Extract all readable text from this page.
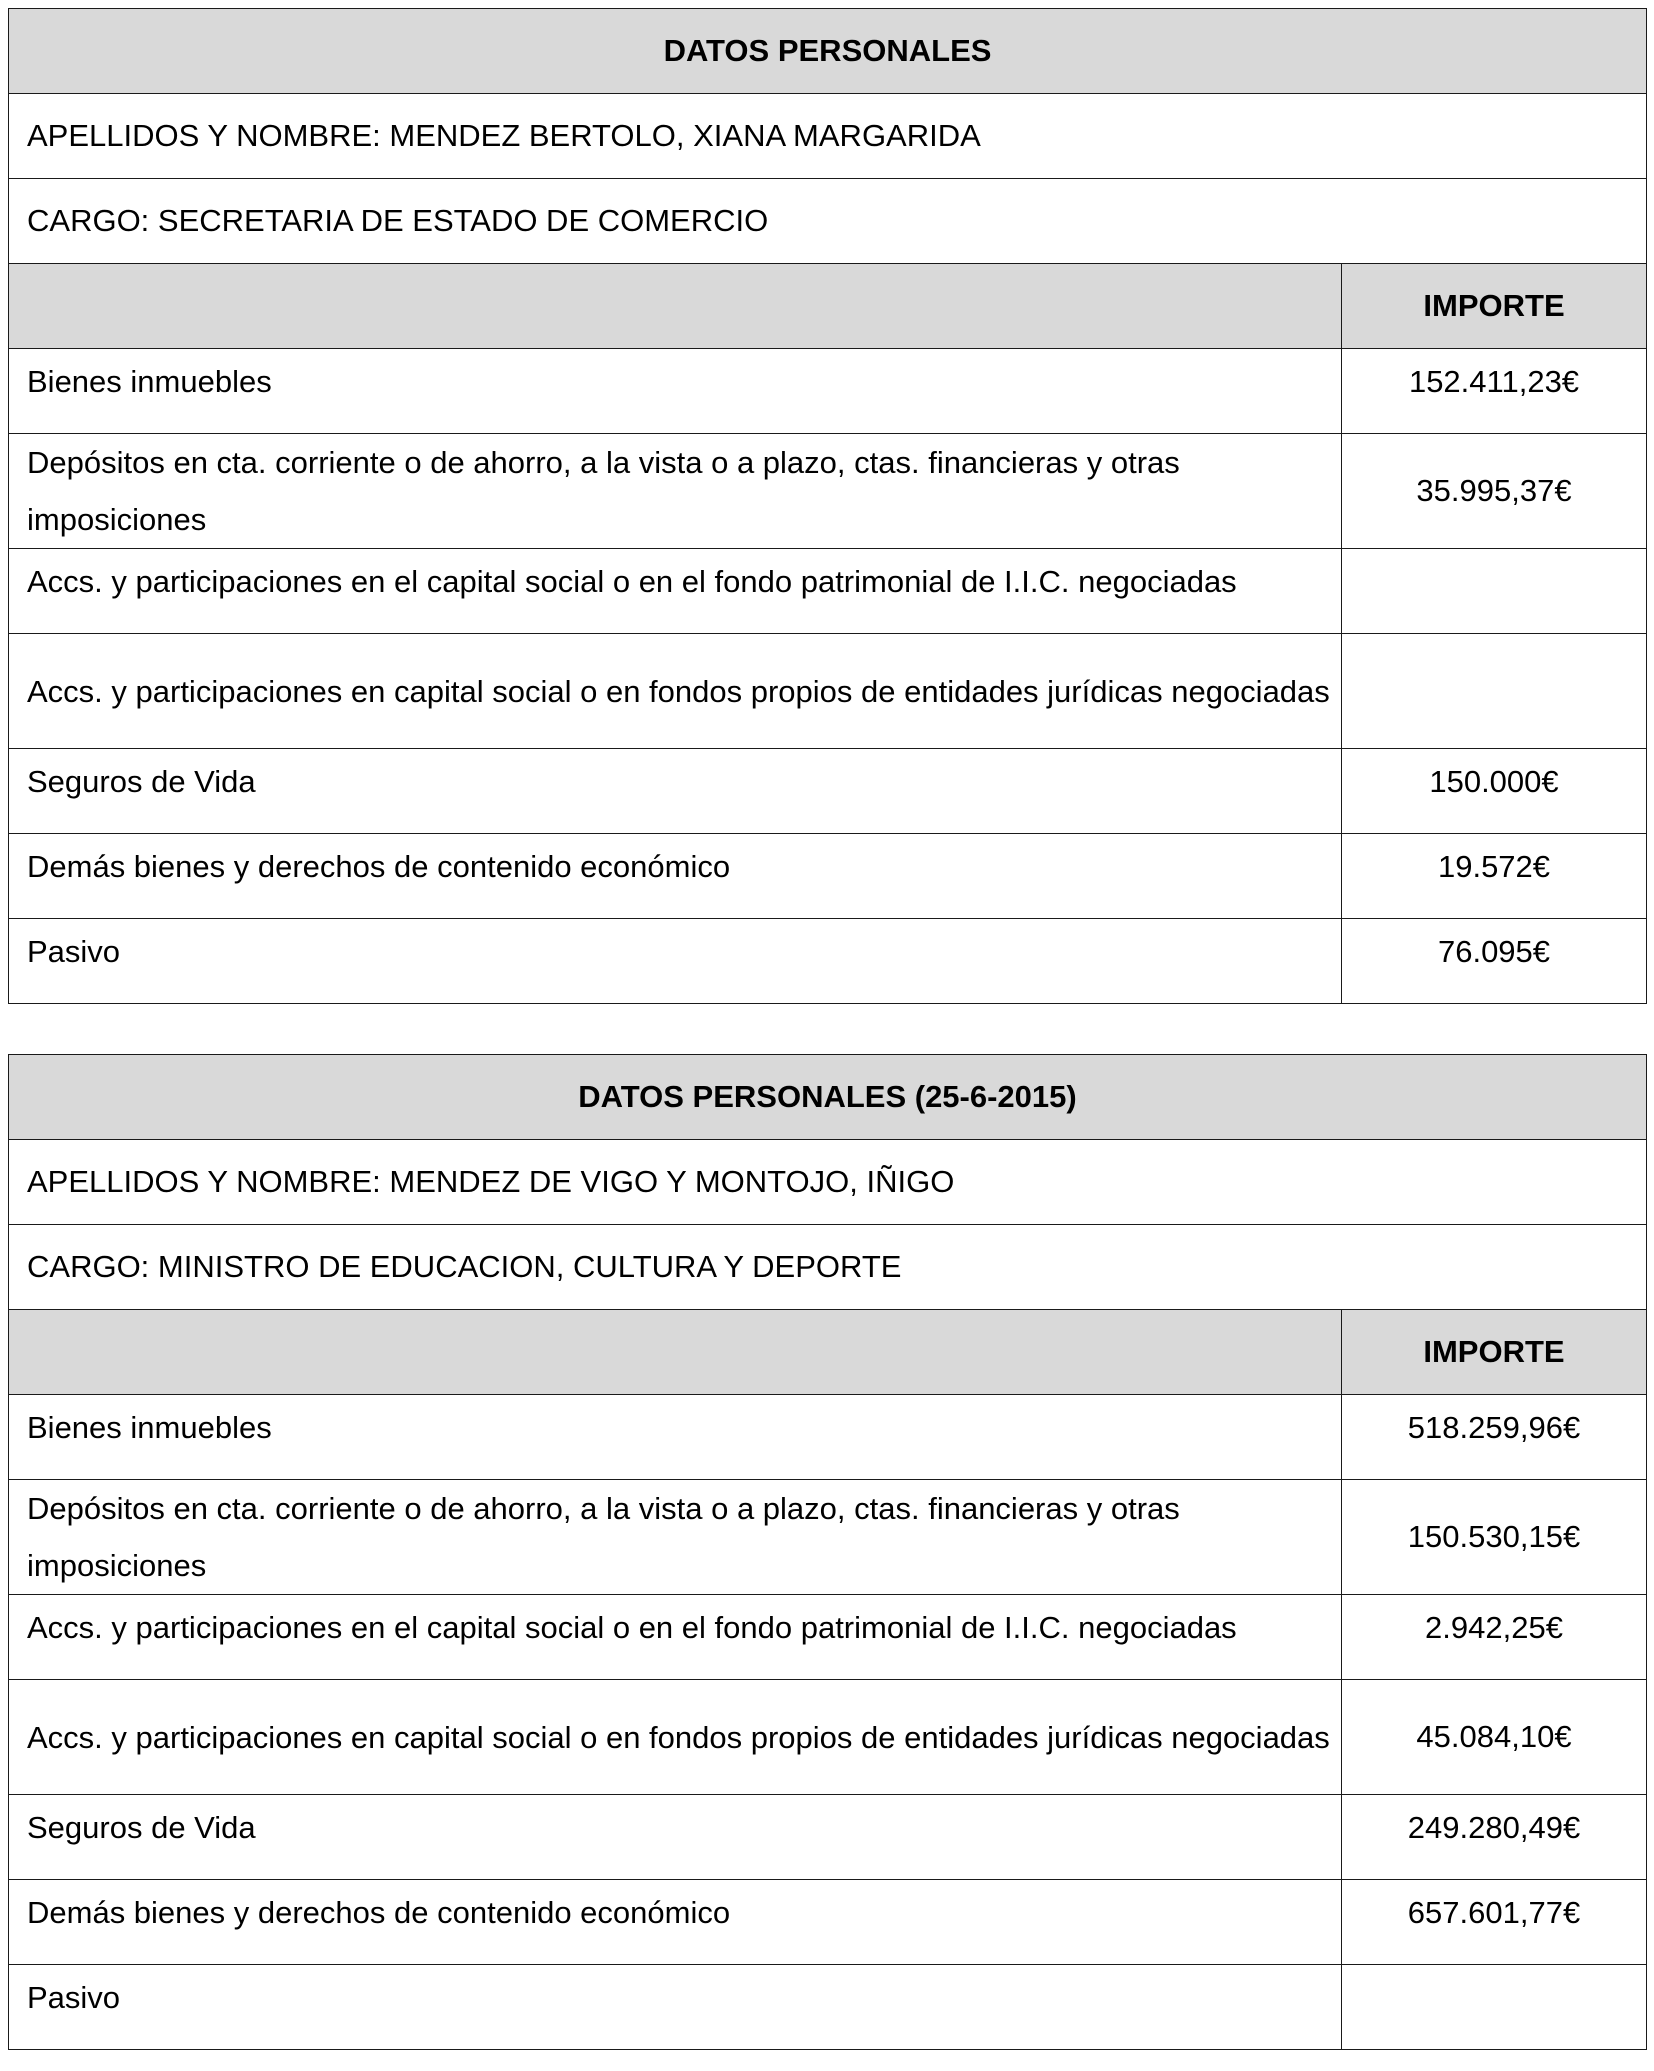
DATOS PERSONALES	
APELLIDOS Y NOMBRE: MENDEZ BERTOLO, XIANA MARGARIDA	
CARGO: SECRETARIA DE ESTADO DE COMERCIO	
	IMPORTE
Bienes inmuebles	152.411,23€
Depósitos en cta. corriente o de ahorro, a la vista o a plazo, ctas. financieras y otras imposiciones	35.995,37€
Accs. y participaciones en el capital social o en el fondo patrimonial de I.I.C. negociadas	
Accs. y participaciones en capital social o en fondos propios de entidades jurídicas negociadas	
Seguros de Vida	150.000€
Demás bienes y derechos de contenido económico	19.572€
Pasivo	76.095€
DATOS PERSONALES (25-6-2015)	
APELLIDOS Y NOMBRE: MENDEZ DE VIGO Y MONTOJO, IÑIGO	
CARGO: MINISTRO DE EDUCACION, CULTURA Y DEPORTE	
	IMPORTE
Bienes inmuebles	518.259,96€
Depósitos en cta. corriente o de ahorro, a la vista o a plazo, ctas. financieras y otras imposiciones	150.530,15€
Accs. y participaciones en el capital social o en el fondo patrimonial de I.I.C. negociadas	2.942,25€
Accs. y participaciones en capital social o en fondos propios de entidades jurídicas negociadas	45.084,10€
Seguros de Vida	249.280,49€
Demás bienes y derechos de contenido económico	657.601,77€
Pasivo	
